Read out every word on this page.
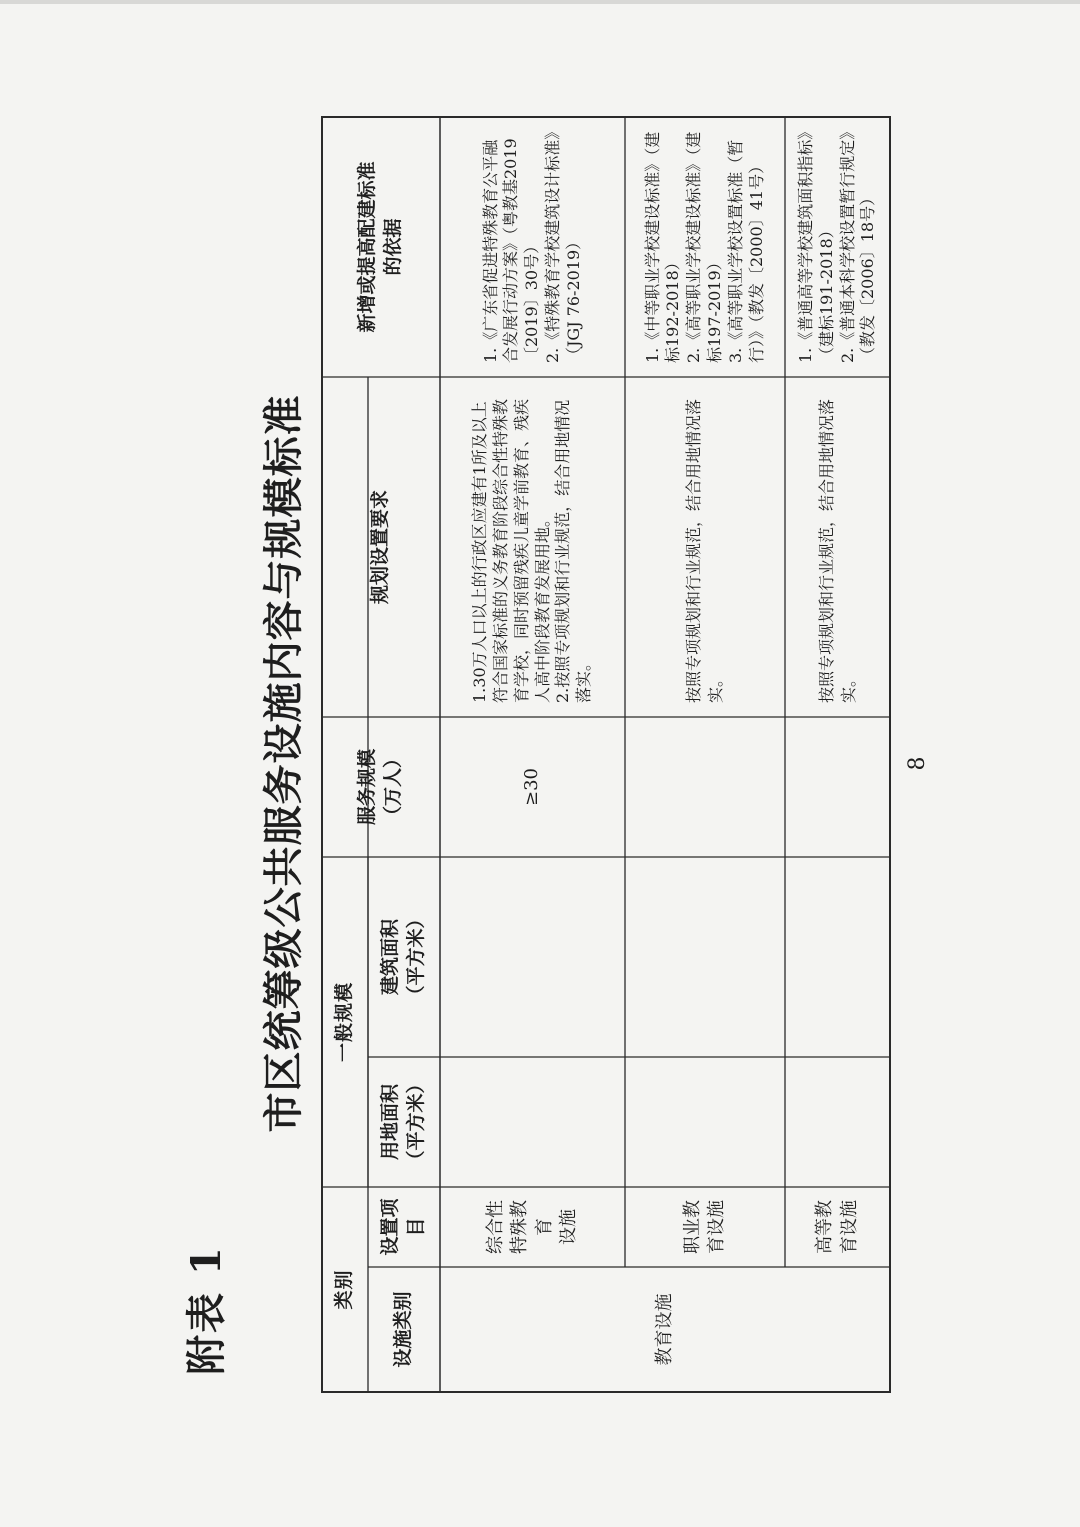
附表 1
市区统筹级公共服务设施内容与规模标准
类别
一般规模
设施类别
设置项目
用地面积
（平方米）
建筑面积
（平方米）
服务规模
（万人）
规划设置要求
新增或提高配建标准
的依据
教育设施
综合性特殊教育
设施
≥30
1.30万人口以上的行政区应建有1所及以上符合国家标准的义务教育阶段综合性特殊教育学校，同时预留残疾儿童学前教育、残疾人高中阶段教育发展用地。
2.按照专项规划和行业规范，结合用地情况落实。
1.《广东省促进特殊教育公平融合发展行动方案》（粤教基2019〔2019〕30号）
2.《特殊教育学校建筑设计标准》（JGJ 76-2019）
职业教育设施
按照专项规划和行业规范，结合用地情况落实。
1.《中等职业学校建设标准》（建标192-2018）
2.《高等职业学校建设标准》（建标197-2019）
3.《高等职业学校设置标准（暂行）》（教发〔2000〕41号）
高等教育设施
按照专项规划和行业规范，结合用地情况落实。
1.《普通高等学校建筑面积指标》（建标191-2018）
2.《普通本科学校设置暂行规定》（教发〔2006〕18号）
8
